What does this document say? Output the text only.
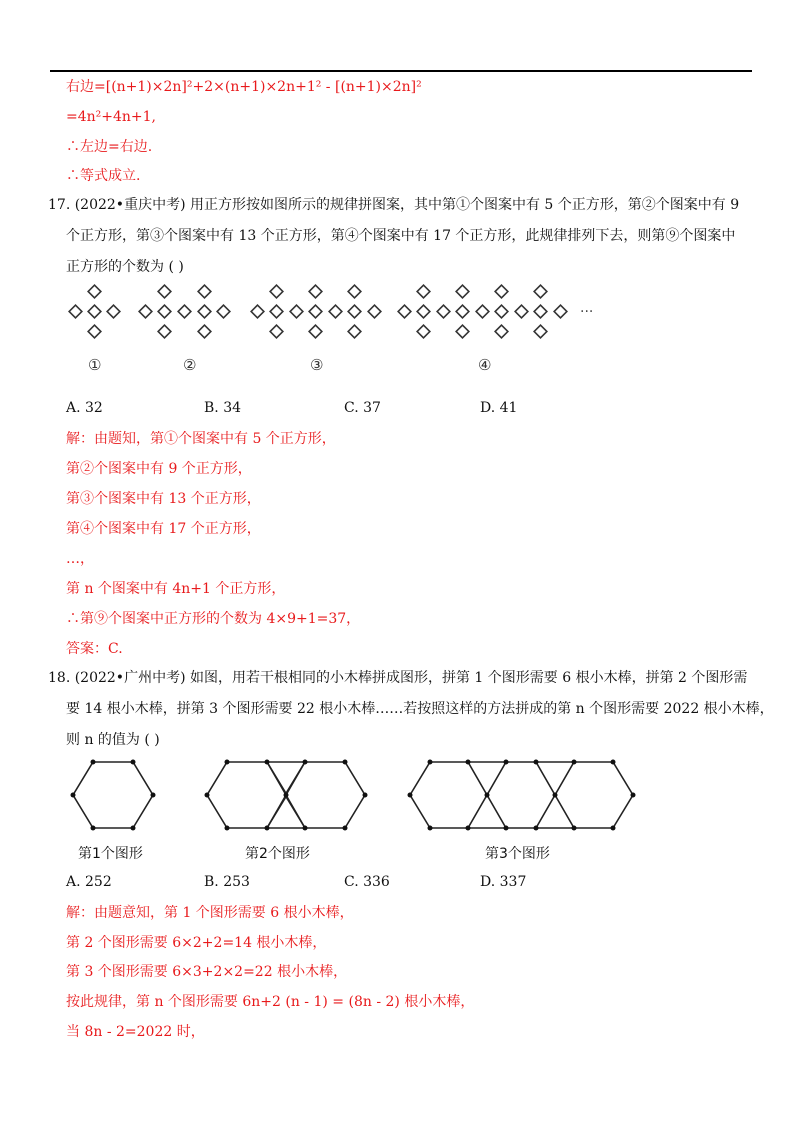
右边=[(n+1)×2n]²+2×(n+1)×2n+1² - [(n+1)×2n]²
=4n²+4n+1,
∴左边=右边.
∴等式成立.
17. (2022•重庆中考) 用正方形按如图所示的规律拼图案，其中第①个图案中有 5 个正方形，第②个图案中有 9
个正方形，第③个图案中有 13 个正方形，第④个图案中有 17 个正方形，此规律排列下去，则第⑨个图案中
正方形的个数为 ( )
···
①	②	③	④
A. 32	B. 34	C. 37	D. 41
解：由题知，第①个图案中有 5 个正方形，
第②个图案中有 9 个正方形，
第③个图案中有 13 个正方形，
第④个图案中有 17 个正方形，
…，
第 n 个图案中有 4n+1 个正方形，
∴第⑨个图案中正方形的个数为 4×9+1=37，
答案：C.
18. (2022•广州中考) 如图，用若干根相同的小木棒拼成图形，拼第 1 个图形需要 6 根小木棒，拼第 2 个图形需
要 14 根小木棒，拼第 3 个图形需要 22 根小木棒……若按照这样的方法拼成的第 n 个图形需要 2022 根小木棒，
则 n 的值为 ( )
第1个图形	第2个图形	第3个图形
A. 252	B. 253	C. 336	D. 337
解：由题意知，第 1 个图形需要 6 根小木棒，
第 2 个图形需要 6×2+2=14 根小木棒，
第 3 个图形需要 6×3+2×2=22 根小木棒，
按此规律，第 n 个图形需要 6n+2 (n - 1) = (8n - 2) 根小木棒，
当 8n - 2=2022 时，
